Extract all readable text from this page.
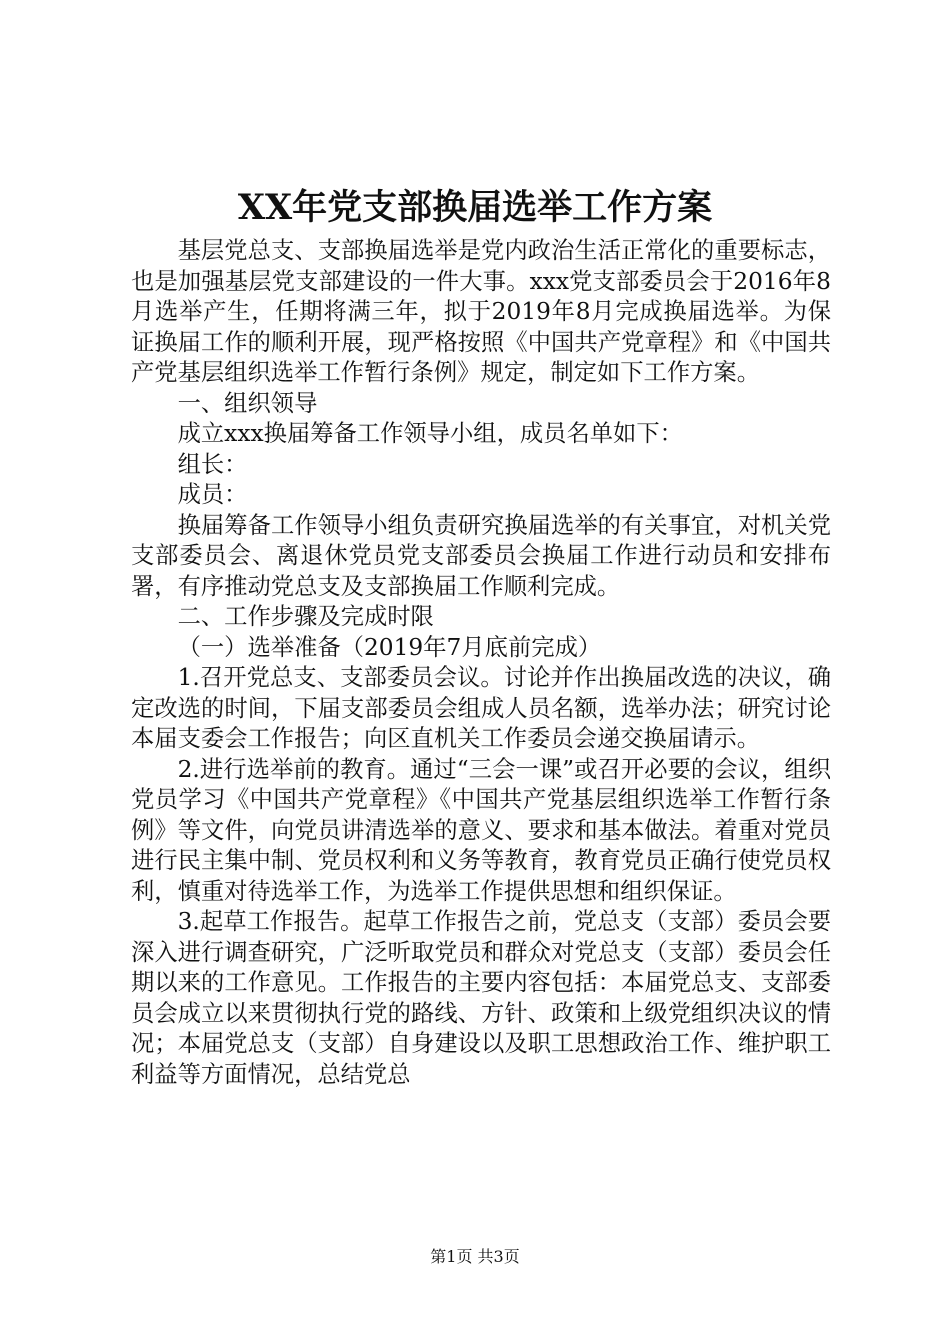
XX年党支部换届选举工作方案

基层党总支、支部换届选举是党内政治生活正常化的重要标志，也是加强基层党支部建设的一件大事。xxx党支部委员会于2016年8月选举产生，任期将满三年，拟于2019年8月完成换届选举。为保证换届工作的顺利开展，现严格按照《中国共产党章程》和《中国共产党基层组织选举工作暂行条例》规定，制定如下工作方案。

一、组织领导

成立xxx换届筹备工作领导小组，成员名单如下：

组长：

成员：

换届筹备工作领导小组负责研究换届选举的有关事宜，对机关党支部委员会、离退休党员党支部委员会换届工作进行动员和安排布署，有序推动党总支及支部换届工作顺利完成。

二、工作步骤及完成时限

（一）选举准备（2019年7月底前完成）

1.召开党总支、支部委员会议。讨论并作出换届改选的决议，确定改选的时间，下届支部委员会组成人员名额，选举办法；研究讨论本届支委会工作报告；向区直机关工作委员会递交换届请示。

2.进行选举前的教育。通过“三会一课”或召开必要的会议，组织党员学习《中国共产党章程》《中国共产党基层组织选举工作暂行条例》等文件，向党员讲清选举的意义、要求和基本做法。着重对党员进行民主集中制、党员权利和义务等教育，教育党员正确行使党员权利，慎重对待选举工作，为选举工作提供思想和组织保证。

3.起草工作报告。起草工作报告之前，党总支（支部）委员会要深入进行调查研究，广泛听取党员和群众对党总支（支部）委员会任期以来的工作意见。工作报告的主要内容包括：本届党总支、支部委员会成立以来贯彻执行党的路线、方针、政策和上级党组织决议的情况；本届党总支（支部）自身建设以及职工思想政治工作、维护职工利益等方面情况，总结党总

第1页 共3页
